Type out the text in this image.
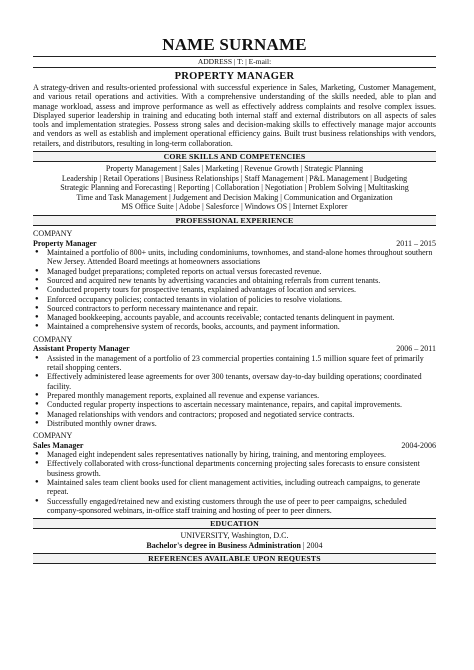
NAME SURNAME
ADDRESS | T: | E-mail:
PROPERTY MANAGER
A strategy-driven and results-oriented professional with successful experience in Sales, Marketing, Customer Management, and various retail operations and activities. With a comprehensive understanding of the skills needed, able to plan and manage workload, assess and improve performance as well as effectively address complaints and resolve complex issues. Displayed superior leadership in training and educating both internal staff and external distributors on all aspects of sales tools and implementation strategies. Possess strong sales and decision-making skills to effectively manage major accounts and vendors as well as establish and implement operational efficiency gains. Built trust business relationships with vendors, retailers, and distributors, resulting in long-term collaboration.
CORE SKILLS AND COMPETENCIES
Property Management | Sales | Marketing | Revenue Growth | Strategic Planning
Leadership | Retail Operations | Business Relationships | Staff Management | P&L Management | Budgeting
Strategic Planning and Forecasting | Reporting | Collaboration | Negotiation | Problem Solving | Multitasking
Time and Task Management | Judgement and Decision Making | Communication and Organization
MS Office Suite | Adobe | Salesforce | Windows OS | Internet Explorer
PROFESSIONAL EXPERIENCE
COMPANY
Property Manager	2011 – 2015
● Maintained a portfolio of 800+ units, including condominiums, townhomes, and stand-alone homes throughout southern New Jersey. Attended Board meetings at homeowners associations
● Managed budget preparations; completed reports on actual versus forecasted revenue.
● Sourced and acquired new tenants by advertising vacancies and obtaining referrals from current tenants.
● Conducted property tours for prospective tenants, explained advantages of location and services.
● Enforced occupancy policies; contacted tenants in violation of policies to resolve violations.
● Sourced contractors to perform necessary maintenance and repair.
● Managed bookkeeping, accounts payable, and accounts receivable; contacted tenants delinquent in payment.
● Maintained a comprehensive system of records, books, accounts, and payment information.
COMPANY
Assistant Property Manager	2006 – 2011
● Assisted in the management of a portfolio of 23 commercial properties containing 1.5 million square feet of primarily retail shopping centers.
● Effectively administered lease agreements for over 300 tenants, oversaw day-to-day building operations; coordinated facility.
● Prepared monthly management reports, explained all revenue and expense variances.
● Conducted regular property inspections to ascertain necessary maintenance, repairs, and capital improvements.
● Managed relationships with vendors and contractors; proposed and negotiated service contracts.
● Distributed monthly owner draws.
COMPANY
Sales Manager	2004-2006
● Managed eight independent sales representatives nationally by hiring, training, and mentoring employees.
● Effectively collaborated with cross-functional departments concerning projecting sales forecasts to ensure consistent business growth.
● Maintained sales team client books used for client management activities, including outreach campaigns, to generate repeat.
● Successfully engaged/retained new and existing customers through the use of peer to peer campaigns, scheduled company-sponsored webinars, in-office staff training and hosting of peer to peer dinners.
EDUCATION
UNIVERSITY, Washington, D.C.
Bachelor's degree in Business Administration | 2004
REFERENCES AVAILABLE UPON REQUESTS
